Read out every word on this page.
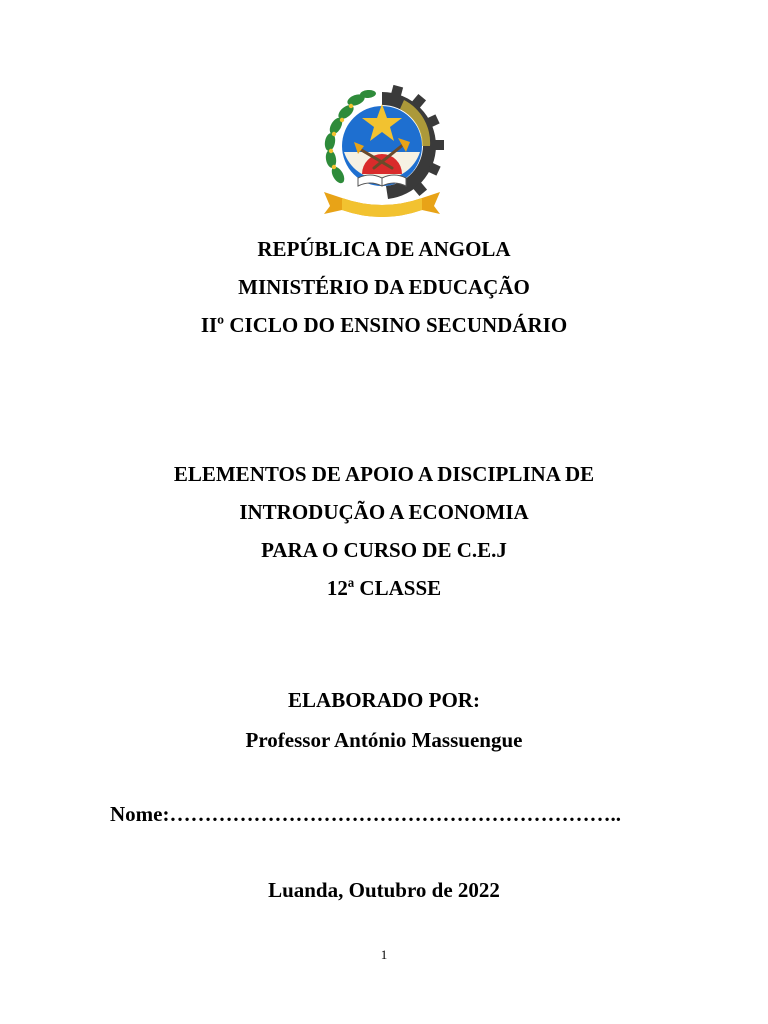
REPÚBLICA DE ANGOLA
MINISTÉRIO DA EDUCAÇÃO
IIº CICLO DO ENSINO SECUNDÁRIO
ELEMENTOS DE APOIO A DISCIPLINA DE
INTRODUÇÃO A ECONOMIA
PARA O CURSO DE C.E.J
12ª CLASSE
ELABORADO POR:
Professor António Massuengue
Nome:………………………………………………………..
Luanda, Outubro de 2022
1
